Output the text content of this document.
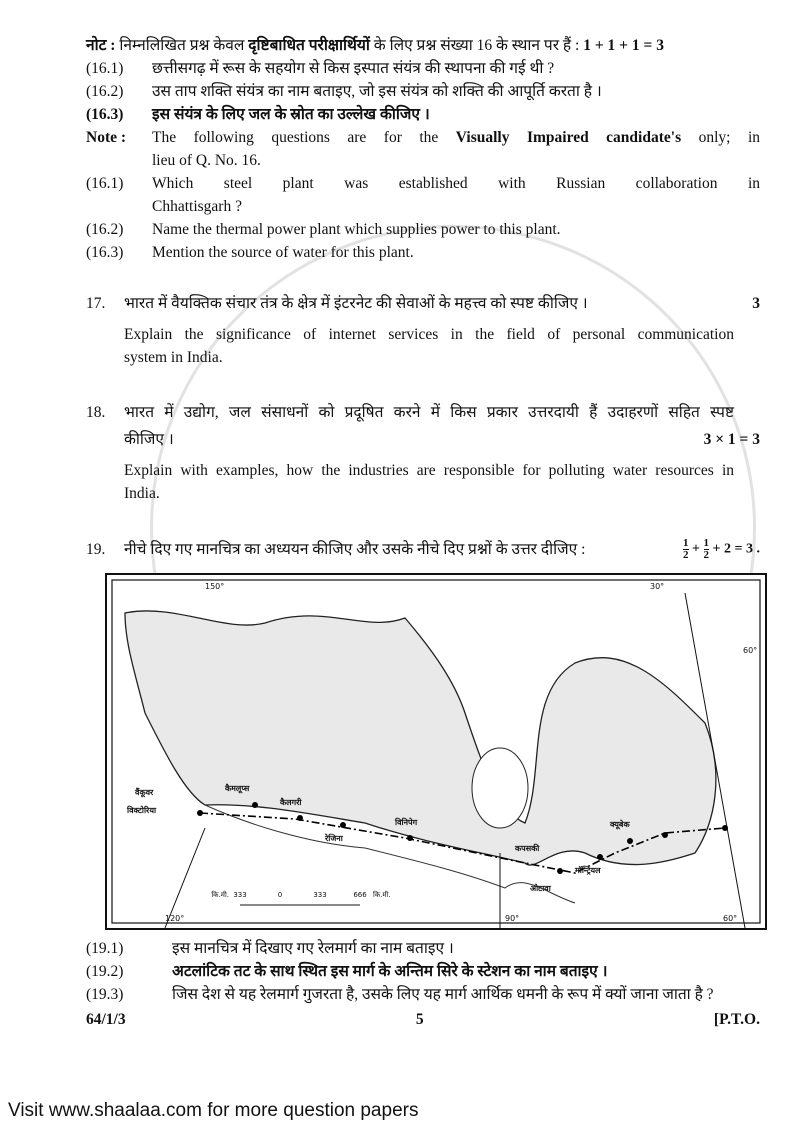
नोट : निम्नलिखित प्रश्न केवल दृष्टिबाधित परीक्षार्थियों के लिए प्रश्न संख्या 16 के स्थान पर हैं : 1 + 1 + 1 = 3
(16.1)	छत्तीसगढ़ में रूस के सहयोग से किस इस्पात संयंत्र की स्थापना की गई थी ?
(16.2)	उस ताप शक्ति संयंत्र का नाम बताइए, जो इस संयंत्र को शक्ति की आपूर्ति करता है ।
(16.3)	इस संयंत्र के लिए जल के स्रोत का उल्लेख कीजिए ।
Note :	The following questions are for the Visually Impaired candidate's only; in
lieu of Q. No. 16.
(16.1)	Which steel plant was established with Russian collaboration in
Chhattisgarh ?
(16.2)	Name the thermal power plant which supplies power to this plant.
(16.3)	Mention the source of water for this plant.
17.	भारत में वैयक्तिक संचार तंत्र के क्षेत्र में इंटरनेट की सेवाओं के महत्त्व को स्पष्ट कीजिए ।	3
Explain the significance of internet services in the field of personal communication
system in India.
18.	भारत में उद्योग, जल संसाधनों को प्रदूषित करने में किस प्रकार उत्तरदायी हैं उदाहरणों सहित स्पष्ट
कीजिए ।	3 × 1 = 3
Explain with examples, how the industries are responsible for polluting water resources in
India.
19.	नीचे दिए गए मानचित्र का अध्ययन कीजिए और उसके नीचे दिए प्रश्नों के उत्तर दीजिए :	$\frac{1}{2} + \frac{1}{2} + 2 = 3$ .
वैंकूवर
विक्टोरिया
कैमलूप्स
कैलगरी
रेजिना
विनिपेग
कपसकी
मॉन्ट्रियल
ओटावा
क्यूबेक
कि.मी. 333	0	333	666 कि.मी.
150°
120°	90°	60°
30°
60°
(19.1)	इस मानचित्र में दिखाए गए रेलमार्ग का नाम बताइए ।
(19.2)	अटलांटिक तट के साथ स्थित इस मार्ग के अन्तिम सिरे के स्टेशन का नाम बताइए ।
(19.3)	जिस देश से यह रेलमार्ग गुजरता है, उसके लिए यह मार्ग आर्थिक धमनी के रूप में क्यों जाना जाता है ?
64/1/3	5	[P.T.O.
Visit www.shaalaa.com for more question papers
